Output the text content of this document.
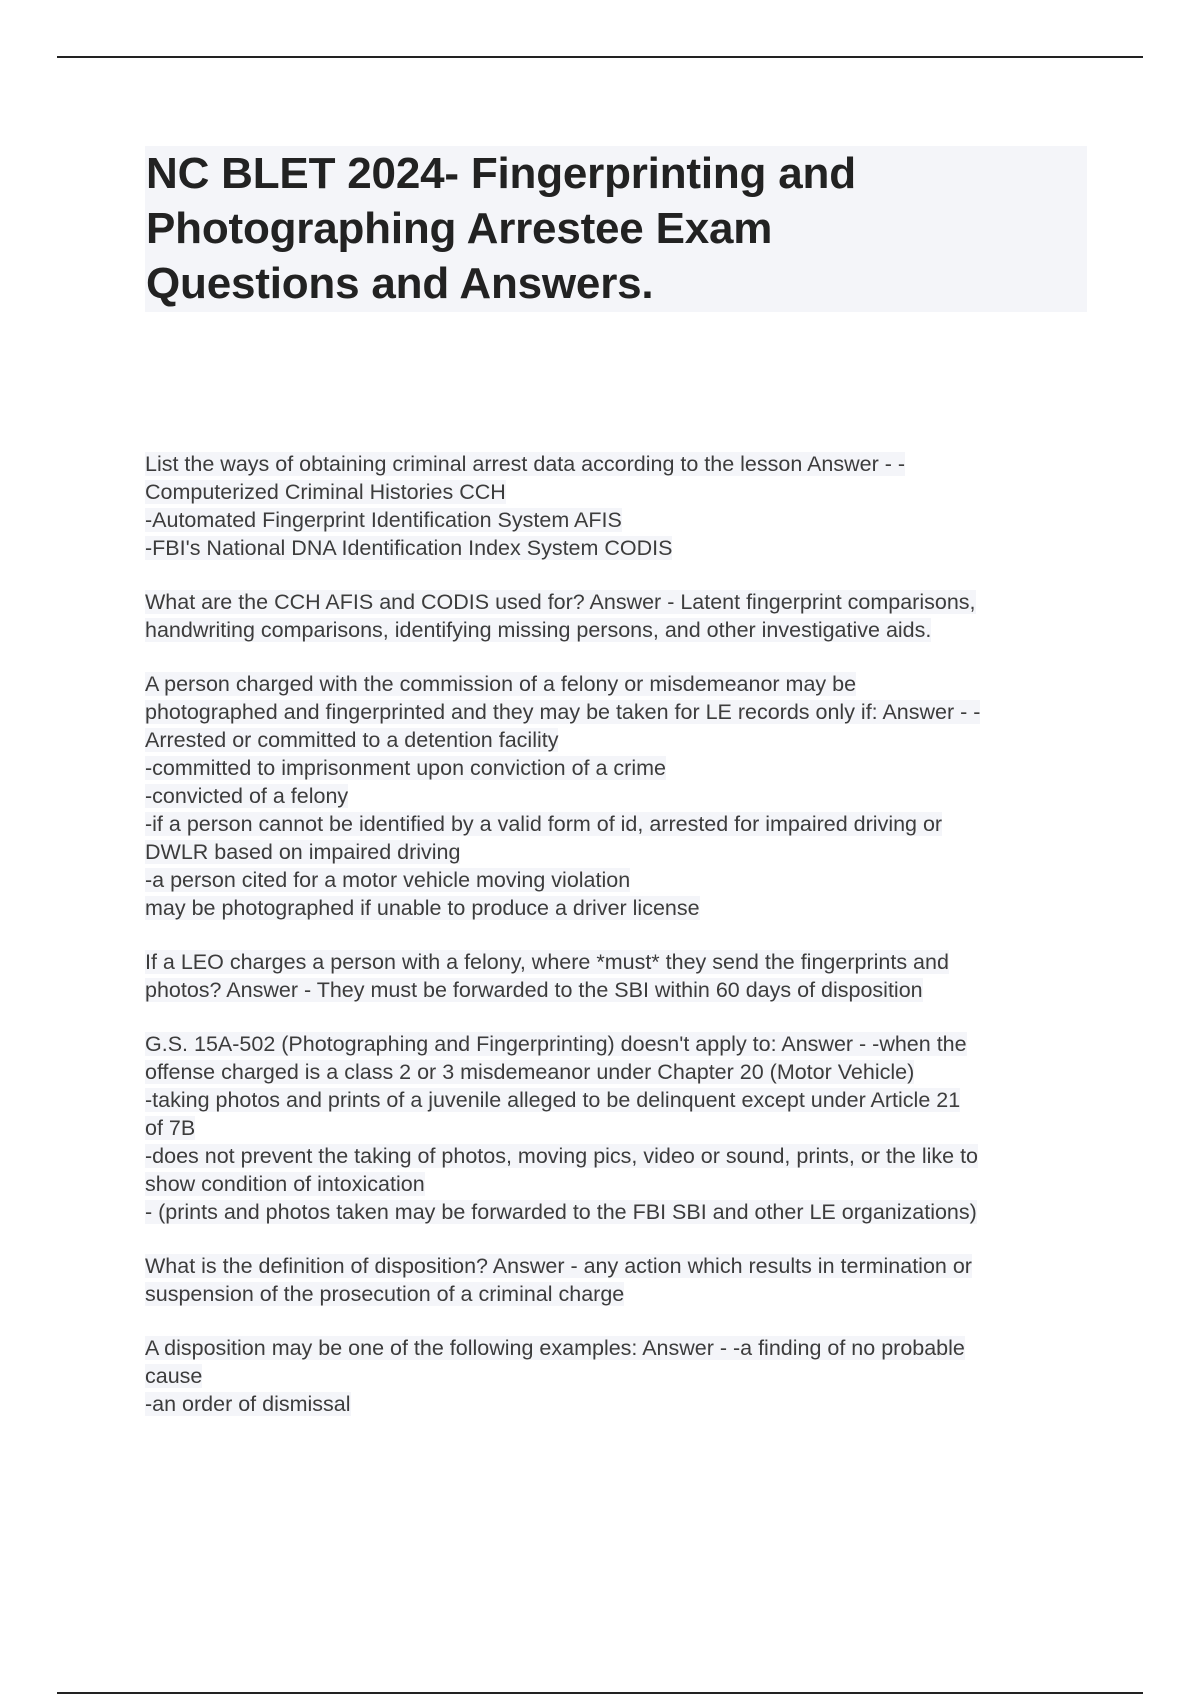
NC BLET 2024- Fingerprinting and
Photographing Arrestee Exam
Questions and Answers.
List the ways of obtaining criminal arrest data according to the lesson Answer - -
Computerized Criminal Histories CCH
-Automated Fingerprint Identification System AFIS
-FBI's National DNA Identification Index System CODIS
What are the CCH AFIS and CODIS used for? Answer - Latent fingerprint comparisons,
handwriting comparisons, identifying missing persons, and other investigative aids.
A person charged with the commission of a felony or misdemeanor may be
photographed and fingerprinted and they may be taken for LE records only if: Answer - -
Arrested or committed to a detention facility
-committed to imprisonment upon conviction of a crime
-convicted of a felony
-if a person cannot be identified by a valid form of id, arrested for impaired driving or
DWLR based on impaired driving
-a person cited for a motor vehicle moving violation
may be photographed if unable to produce a driver license
If a LEO charges a person with a felony, where *must* they send the fingerprints and
photos? Answer - They must be forwarded to the SBI within 60 days of disposition
G.S. 15A-502 (Photographing and Fingerprinting) doesn't apply to: Answer - -when the
offense charged is a class 2 or 3 misdemeanor under Chapter 20 (Motor Vehicle)
-taking photos and prints of a juvenile alleged to be delinquent except under Article 21
of 7B
-does not prevent the taking of photos, moving pics, video or sound, prints, or the like to
show condition of intoxication
- (prints and photos taken may be forwarded to the FBI SBI and other LE organizations)
What is the definition of disposition? Answer - any action which results in termination or
suspension of the prosecution of a criminal charge
A disposition may be one of the following examples: Answer - -a finding of no probable
cause
-an order of dismissal
